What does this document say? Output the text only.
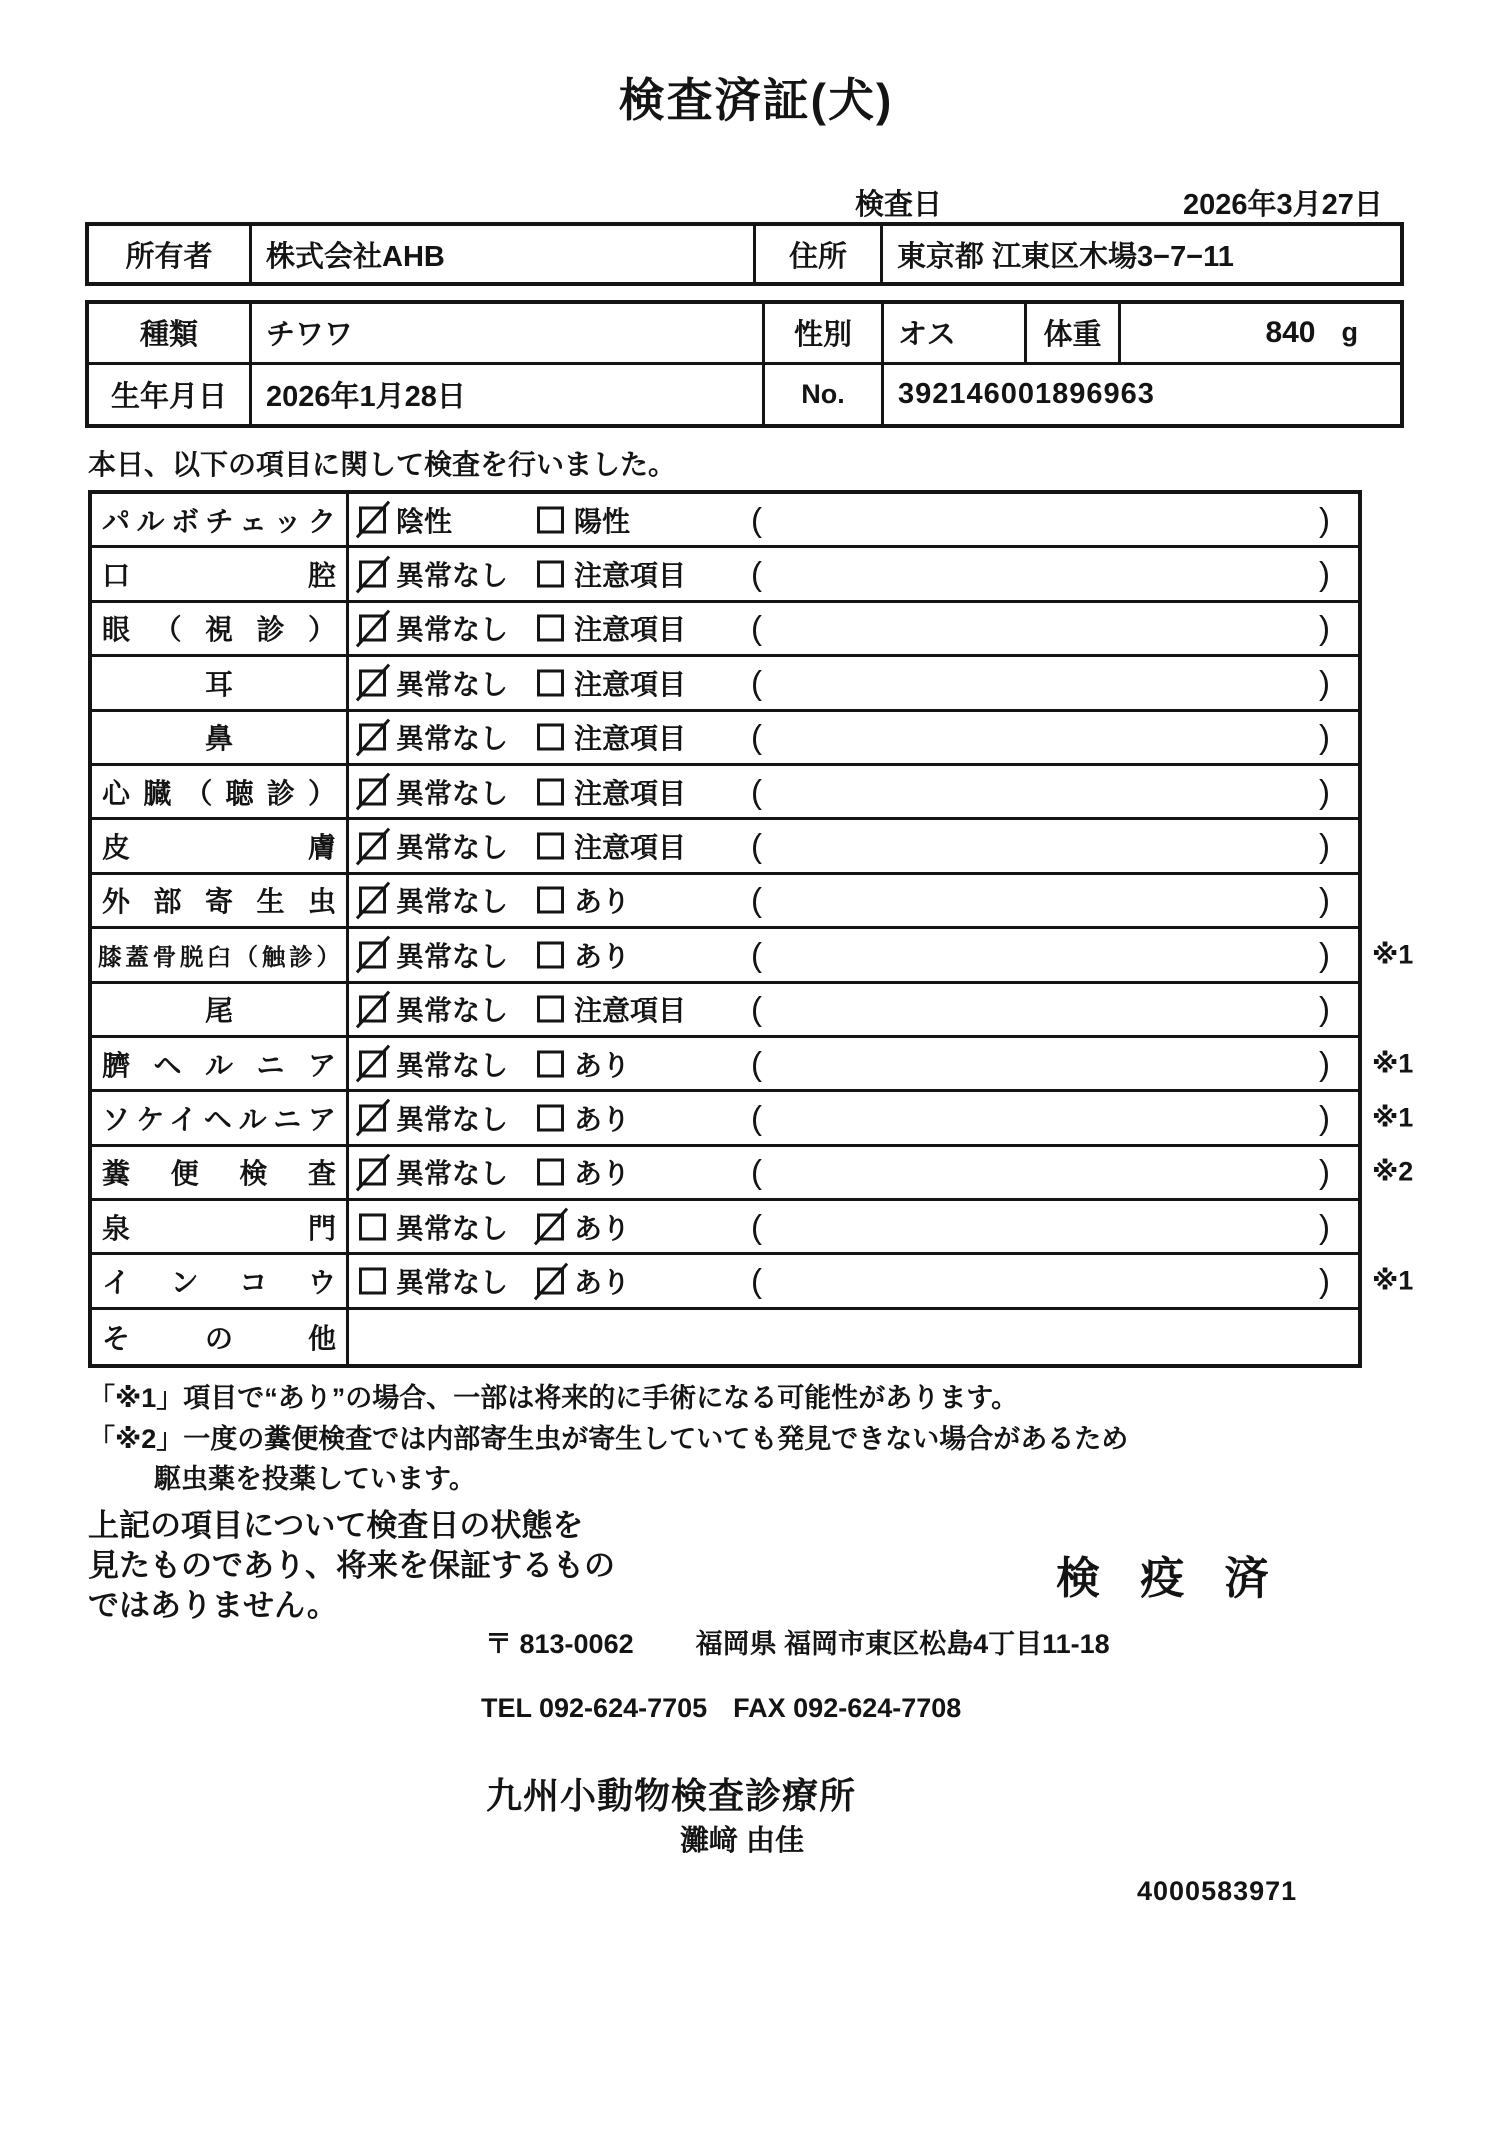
検査済証(犬)
検査日	2026年3月27日
所有者	株式会社AHB	住所	東京都 江東区木場3−7−11
種類	チワワ	性別	オス	体重	840 g
生年月日	2026年1月28日	No.	392146001896963
本日、以下の項目に関して検査を行いました。
パルボチェック 陰性	陽性	(	)
口腔 異常なし 注意項目 (	)
眼（視診） 異常なし 注意項目 (	)
耳	異常なし 注意項目 (	)
鼻	異常なし 注意項目 (	)
心臓（聴診） 異常なし 注意項目 (	)
皮膚 異常なし 注意項目 (	)
外部寄生虫 異常なし あり	(	)
膝蓋骨脱臼（触診） 異常なし あり	(	) ※1
尾	異常なし 注意項目 (	)
臍ヘルニア 異常なし あり	(	) ※1
ソケイヘルニア 異常なし あり	(	) ※1
糞便検査 異常なし あり	(	) ※2
泉門 異常なし あり	(	)
インコウ 異常なし あり	(	) ※1
その他
「※1」項目で“あり”の場合、一部は将来的に手術になる可能性があります。
「※2」一度の糞便検査では内部寄生虫が寄生していても発見できない場合があるため
駆虫薬を投薬しています。
上記の項目について検査日の状態を
見たものであり、将来を保証するもの
ではありません。
検 疫 済
〒 813-0062 福岡県 福岡市東区松島4丁目11-18
TEL 092-624-7705 FAX 092-624-7708
九州小動物検査診療所
灘﨑 由佳
4000583971
